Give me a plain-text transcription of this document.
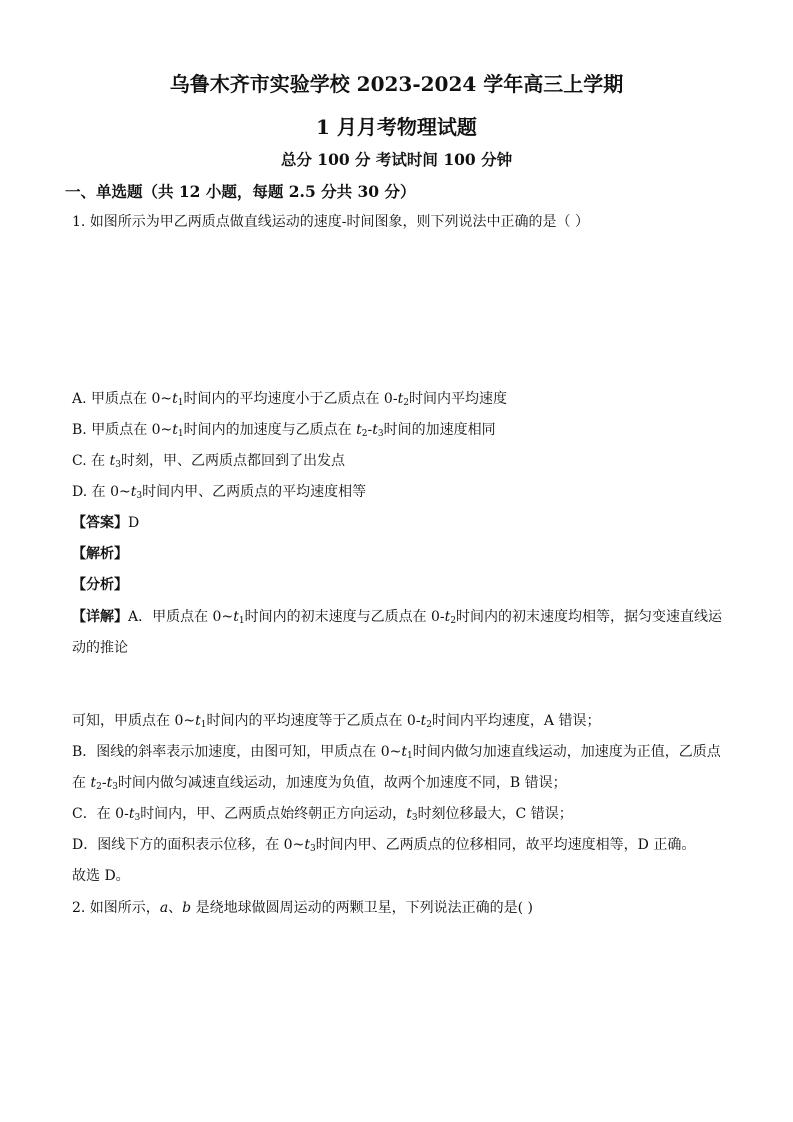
乌鲁木齐市实验学校 2023-2024 学年高三上学期
1 月月考物理试题
总分 100 分 考试时间 100 分钟
一、单选题（共 12 小题，每题 2.5 分共 30 分）
1. 如图所示为甲乙两质点做直线运动的速度-时间图象，则下列说法中正确的是（ ）
A. 甲质点在 $0\sim t_1$时间内的平均速度小于乙质点在 $0-t_2$时间内平均速度
B. 甲质点在 $0\sim t_1$时间内的加速度与乙质点在 $t_2-t_3$时间的加速度相同
C. 在 $t_3$时刻，甲、乙两质点都回到了出发点
D. 在 $0\sim t_3$时间内甲、乙两质点的平均速度相等
【答案】D
【解析】
【分析】
【详解】A．甲质点在 $0\sim t_1$时间内的初末速度与乙质点在 $0-t_2$时间内的初末速度均相等，据匀变速直线运
动的推论
可知，甲质点在 $0\sim t_1$时间内的平均速度等于乙质点在 $0-t_2$时间内平均速度，A 错误；
B．图线的斜率表示加速度，由图可知，甲质点在 $0\sim t_1$时间内做匀加速直线运动，加速度为正值，乙质点
在 $t_2-t_3$时间内做匀减速直线运动，加速度为负值，故两个加速度不同，B 错误；
C．在 $0-t_3$时间内，甲、乙两质点始终朝正方向运动，$t_3$时刻位移最大，C 错误；
D．图线下方的面积表示位移，在 $0\sim t_3$时间内甲、乙两质点的位移相同，故平均速度相等，D 正确。
故选 D。
2. 如图所示，a、b 是绕地球做圆周运动的两颗卫星，下列说法正确的是( )
